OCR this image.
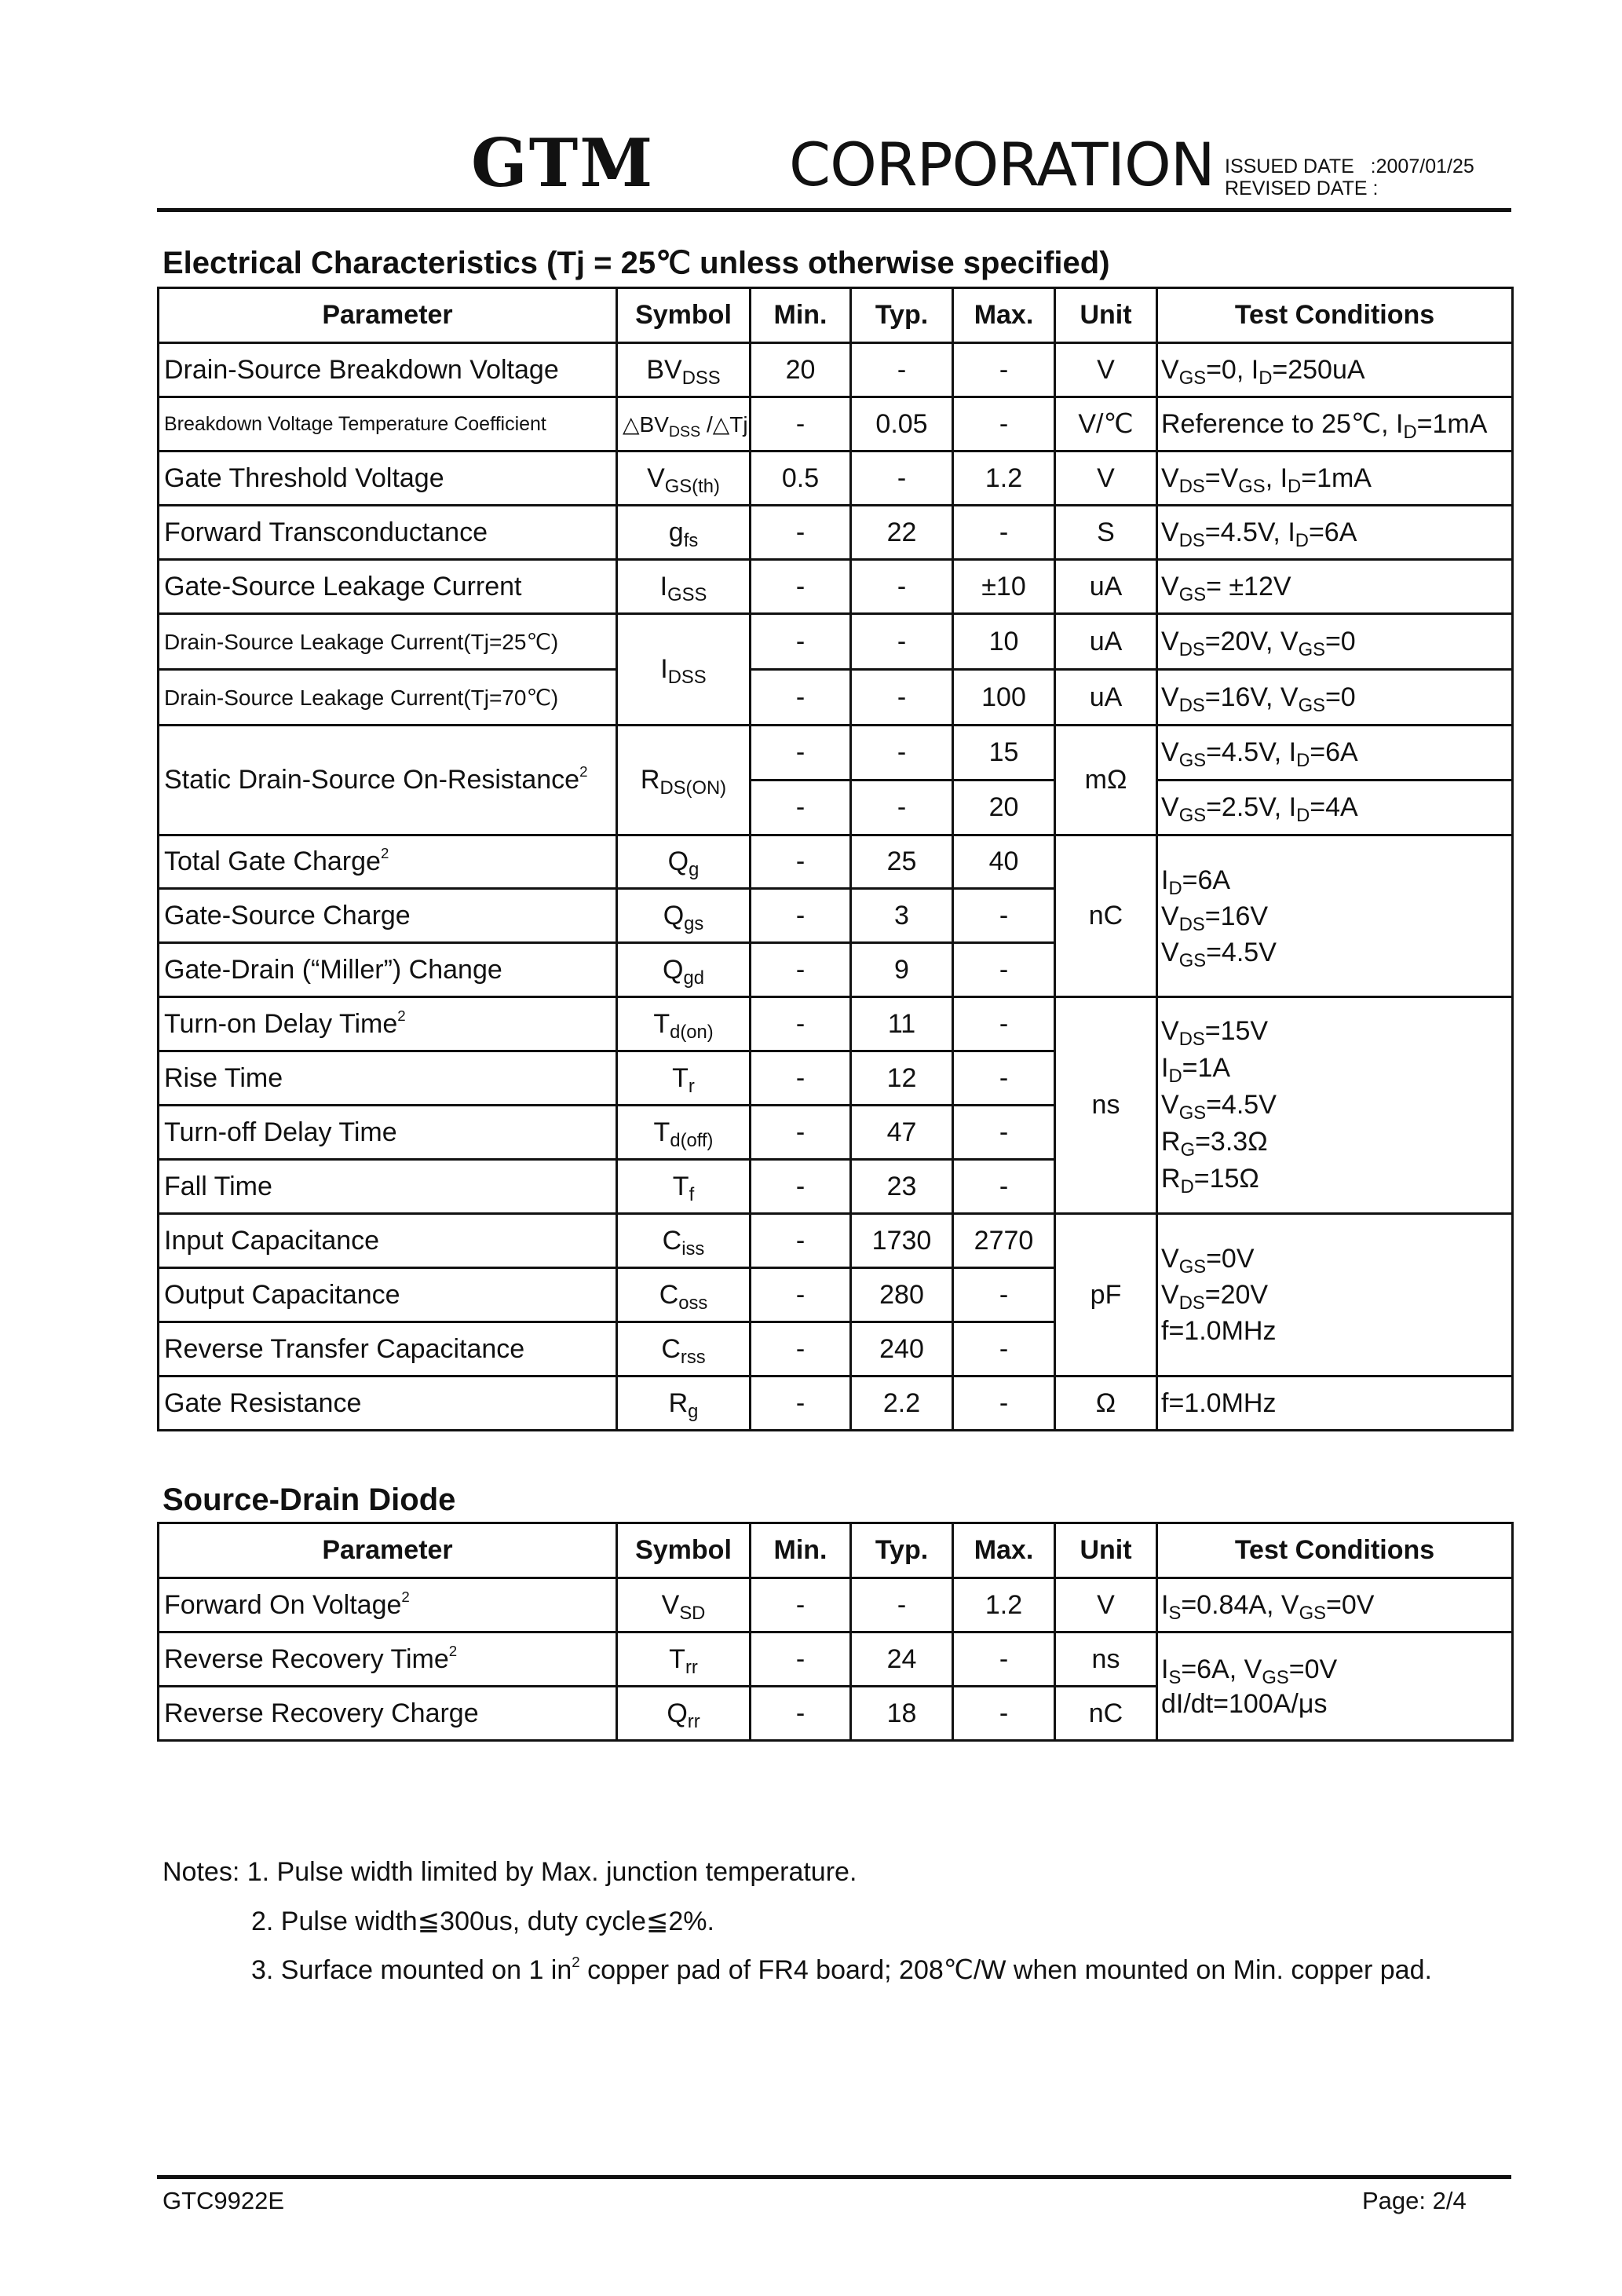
GTM CORPORATION ISSUED DATE   :2007/01/25
REVISED DATE :
Electrical Characteristics (Tj = 25℃ unless otherwise specified)
Parameter	Symbol	Min.	Typ.	Max.	Unit	Test Conditions
Drain-Source Breakdown Voltage	$BV_{DSS}$	20	-	-	V	$V_{GS}=0$, $I_D=250uA$
Breakdown Voltage Temperature Coefficient	$\triangle BV_{DSS}$ /△Tj	-	0.05	-	V/℃	Reference to 25℃, $I_D=1mA$
Gate Threshold Voltage	$V_{GS(th)}$	0.5	-	1.2	V	$V_{DS}=V_{GS}$, $I_D=1mA$
Forward Transconductance	$g_{fs}$	-	22	-	S	$V_{DS}=4.5V$, $I_D=6A$
Gate-Source Leakage Current	$I_{GSS}$	-	-	±10	uA	$V_{GS}= \pm 12V$
Drain-Source Leakage Current(Tj=25℃)	$I_{DSS}$	-	-	10	uA	$V_{DS}=20V$, $V_{GS}=0$
Drain-Source Leakage Current(Tj=70℃)		-	-	100	uA	$V_{DS}=16V$, $V_{GS}=0$
Static Drain-Source On-Resistance$^2$	$R_{DS(ON)}$	-	-	15	mΩ	$V_{GS}=4.5V$, $I_D=6A$
		-	-	20		$V_{GS}=2.5V$, $I_D=4A$
Total Gate Charge$^2$	$Q_g$	-	25	40	nC	$I_D=6A$
$V_{DS}=16V$
$V_{GS}=4.5V$

Gate-Source Charge	$Q_{gs}$	-	3	-		
Gate-Drain (“Miller”) Change	$Q_{gd}$	-	9	-		
Turn-on Delay Time$^2$	$T_{d(on)}$	-	11	-	ns	$V_{DS}=15V$
$I_D=1A$
$V_{GS}=4.5V$
$R_G=3.3\Omega$
$R_D=15\Omega$

Rise Time	$T_r$	-	12	-		
Turn-off Delay Time	$T_{d(off)}$	-	47	-		
Fall Time	$T_f$	-	23	-		
Input Capacitance	$C_{iss}$	-	1730	2770	pF	$V_{GS}=0V$
$V_{DS}=20V$
f=1.0MHz

Output Capacitance	$C_{oss}$	-	280	-		
Reverse Transfer Capacitance	$C_{rss}$	-	240	-		
Gate Resistance	$R_g$	-	2.2	-	Ω	f=1.0MHz
Source-Drain Diode
Parameter	Symbol	Min.	Typ.	Max.	Unit	Test Conditions
Forward On Voltage$^2$	$V_{SD}$	-	-	1.2	V	$I_S=0.84A$, $V_{GS}=0V$
Reverse Recovery Time$^2$	$T_{rr}$	-	24	-	ns	$I_S=6A$, $V_{GS}=0V$
dI/dt=100A/μs

Reverse Recovery Charge	$Q_{rr}$	-	18	-	nC	
Notes: 1. Pulse width limited by Max. junction temperature.
2. Pulse width≦300us, duty cycle≦2%.
3. Surface mounted on 1 $in^2$ copper pad of FR4 board; 208℃/W when mounted on Min. copper pad.
GTC9922E	Page: 2/4
